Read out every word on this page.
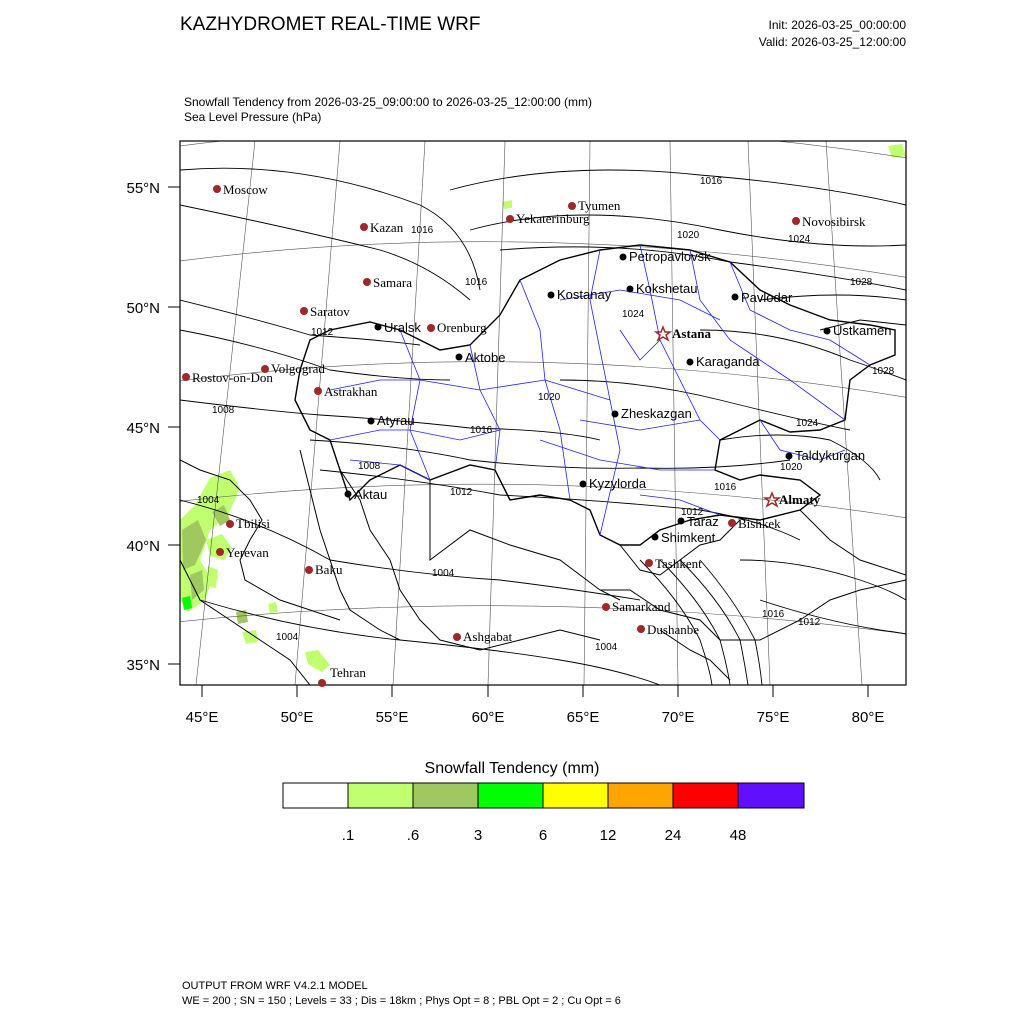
KAZHYDROMET REAL-TIME WRF	Init: 2026-03-25_00:00:00
Valid: 2026-03-25_12:00:00
Snowfall Tendency from 2026-03-25_09:00:00 to 2026-03-25_12:00:00 (mm)
Sea Level Pressure (hPa)
55°N
50°N
45°N
40°N
35°N
45°E	50°E	55°E	60°E	65°E	70°E	75°E	80°E
1016
1016	1020	1024
1016	1028
1012
1024
1028
1008
1020
1016
1024
1020
1008
1012
1004
1016
1012
1004
1016
1012
1004
1004
Moscow
Kazan
Tyumen
Yekaterinburg	Novosibirsk
Samara
Saratov
Orenburg
Volgograd
Rostov-on-Don
Astrakhan
Tbilisi
Yerevan
Baku
Ashgabat
Tehran
Samarkand
Dushanbe
Tashkent
Bishkek
Petropavlovsk
Kostanay Kokshetau
Pavlodar
Uralsk
Aktobe	Karaganda
Ustkamen
Atyrau	Zheskazgan
Aktau
Kyzylorda
Taldykurgan
Taraz
Shimkent
Astana
Almaty
Snowfall Tendency (mm)
.1	.6	3	6	12	24	48
OUTPUT FROM WRF V4.2.1 MODEL
WE = 200 ; SN = 150 ; Levels = 33 ; Dis = 18km ; Phys Opt = 8 ; PBL Opt = 2 ; Cu Opt = 6
